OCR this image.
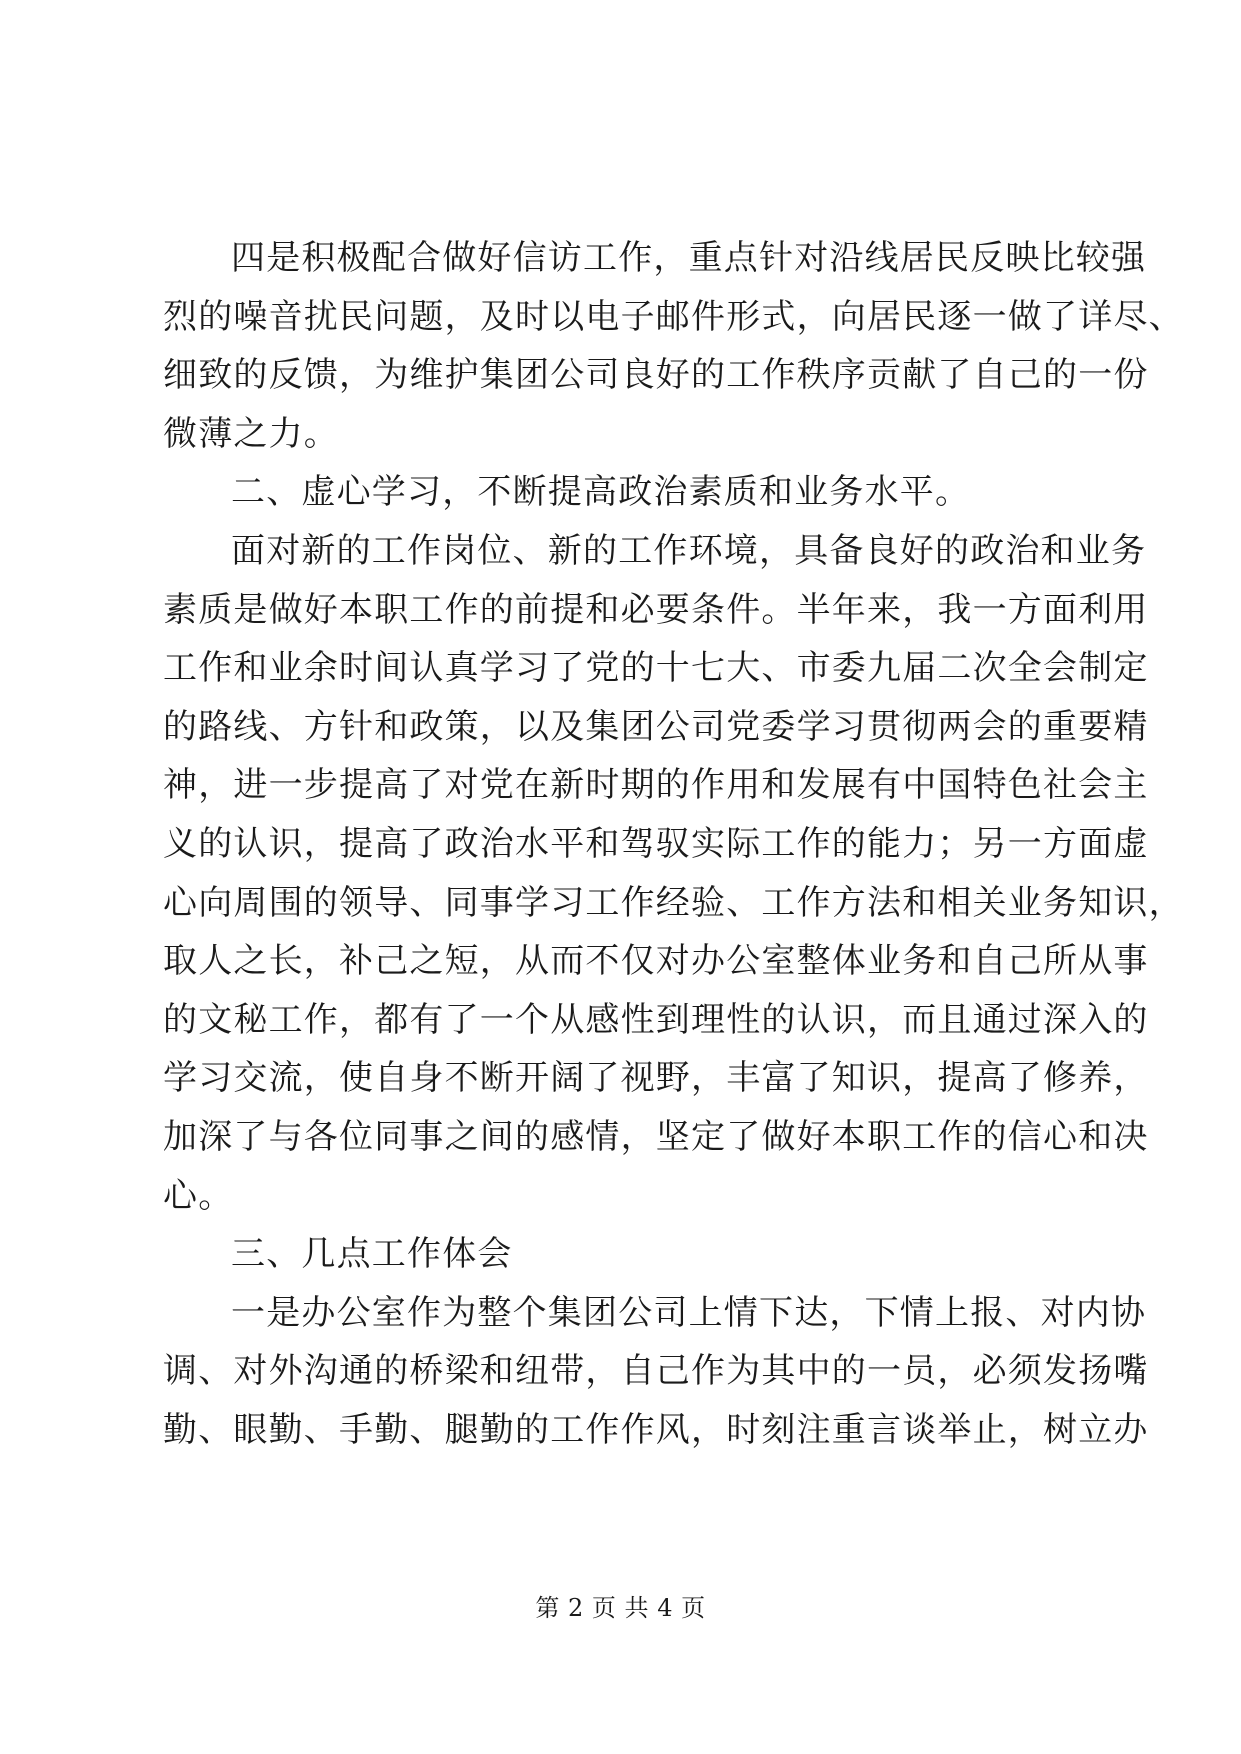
四是积极配合做好信访工作，重点针对沿线居民反映比较强
烈的噪音扰民问题，及时以电子邮件形式，向居民逐一做了详尽、
细致的反馈，为维护集团公司良好的工作秩序贡献了自己的一份
微薄之力。
二、虚心学习，不断提高政治素质和业务水平。
面对新的工作岗位、新的工作环境，具备良好的政治和业务
素质是做好本职工作的前提和必要条件。半年来，我一方面利用
工作和业余时间认真学习了党的十七大、市委九届二次全会制定
的路线、方针和政策，以及集团公司党委学习贯彻两会的重要精
神，进一步提高了对党在新时期的作用和发展有中国特色社会主
义的认识，提高了政治水平和驾驭实际工作的能力；另一方面虚
心向周围的领导、同事学习工作经验、工作方法和相关业务知识，
取人之长，补己之短，从而不仅对办公室整体业务和自己所从事
的文秘工作，都有了一个从感性到理性的认识，而且通过深入的
学习交流，使自身不断开阔了视野，丰富了知识，提高了修养，
加深了与各位同事之间的感情，坚定了做好本职工作的信心和决
心。
三、几点工作体会
一是办公室作为整个集团公司上情下达，下情上报、对内协
调、对外沟通的桥梁和纽带，自己作为其中的一员，必须发扬嘴
勤、眼勤、手勤、腿勤的工作作风，时刻注重言谈举止，树立办
第 2 页 共 4 页
